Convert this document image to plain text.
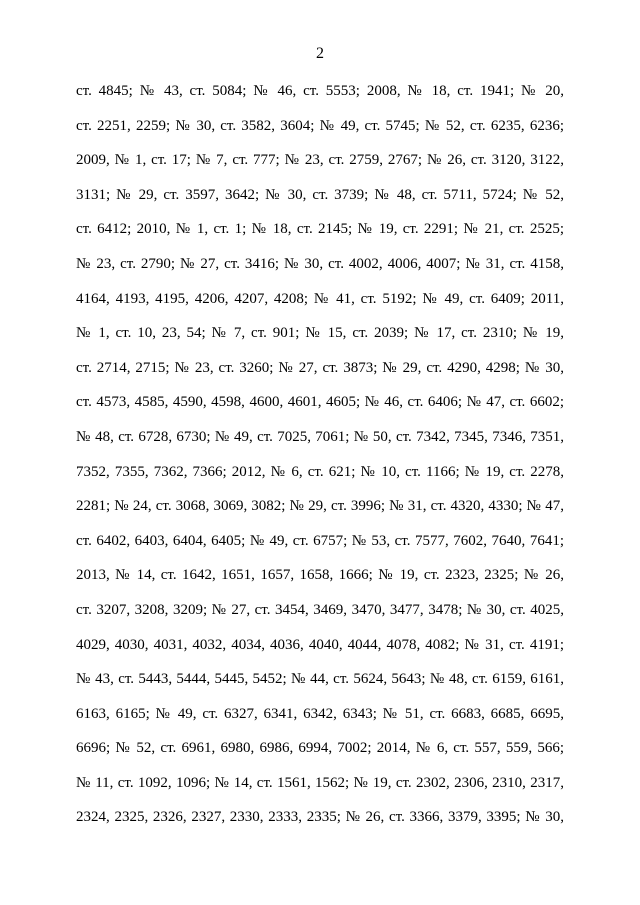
2
ст. 4845; № 43, ст. 5084; № 46, ст. 5553; 2008, № 18, ст. 1941; № 20,
ст. 2251, 2259; № 30, ст. 3582, 3604; № 49, ст. 5745; № 52, ст. 6235, 6236;
2009, № 1, ст. 17; № 7, ст. 777; № 23, ст. 2759, 2767; № 26, ст. 3120, 3122,
3131; № 29, ст. 3597, 3642; № 30, ст. 3739; № 48, ст. 5711, 5724; № 52,
ст. 6412; 2010, № 1, ст. 1; № 18, ст. 2145; № 19, ст. 2291; № 21, ст. 2525;
№ 23, ст. 2790; № 27, ст. 3416; № 30, ст. 4002, 4006, 4007; № 31, ст. 4158,
4164, 4193, 4195, 4206, 4207, 4208; № 41, ст. 5192; № 49, ст. 6409; 2011,
№ 1, ст. 10, 23, 54; № 7, ст. 901; № 15, ст. 2039; № 17, ст. 2310; № 19,
ст. 2714, 2715; № 23, ст. 3260; № 27, ст. 3873; № 29, ст. 4290, 4298; № 30,
ст. 4573, 4585, 4590, 4598, 4600, 4601, 4605; № 46, ст. 6406; № 47, ст. 6602;
№ 48, ст. 6728, 6730; № 49, ст. 7025, 7061; № 50, ст. 7342, 7345, 7346, 7351,
7352, 7355, 7362, 7366; 2012, № 6, ст. 621; № 10, ст. 1166; № 19, ст. 2278,
2281; № 24, ст. 3068, 3069, 3082; № 29, ст. 3996; № 31, ст. 4320, 4330; № 47,
ст. 6402, 6403, 6404, 6405; № 49, ст. 6757; № 53, ст. 7577, 7602, 7640, 7641;
2013, № 14, ст. 1642, 1651, 1657, 1658, 1666; № 19, ст. 2323, 2325; № 26,
ст. 3207, 3208, 3209; № 27, ст. 3454, 3469, 3470, 3477, 3478; № 30, ст. 4025,
4029, 4030, 4031, 4032, 4034, 4036, 4040, 4044, 4078, 4082; № 31, ст. 4191;
№ 43, ст. 5443, 5444, 5445, 5452; № 44, ст. 5624, 5643; № 48, ст. 6159, 6161,
6163, 6165; № 49, ст. 6327, 6341, 6342, 6343; № 51, ст. 6683, 6685, 6695,
6696; № 52, ст. 6961, 6980, 6986, 6994, 7002; 2014, № 6, ст. 557, 559, 566;
№ 11, ст. 1092, 1096; № 14, ст. 1561, 1562; № 19, ст. 2302, 2306, 2310, 2317,
2324, 2325, 2326, 2327, 2330, 2333, 2335; № 26, ст. 3366, 3379, 3395; № 30,
